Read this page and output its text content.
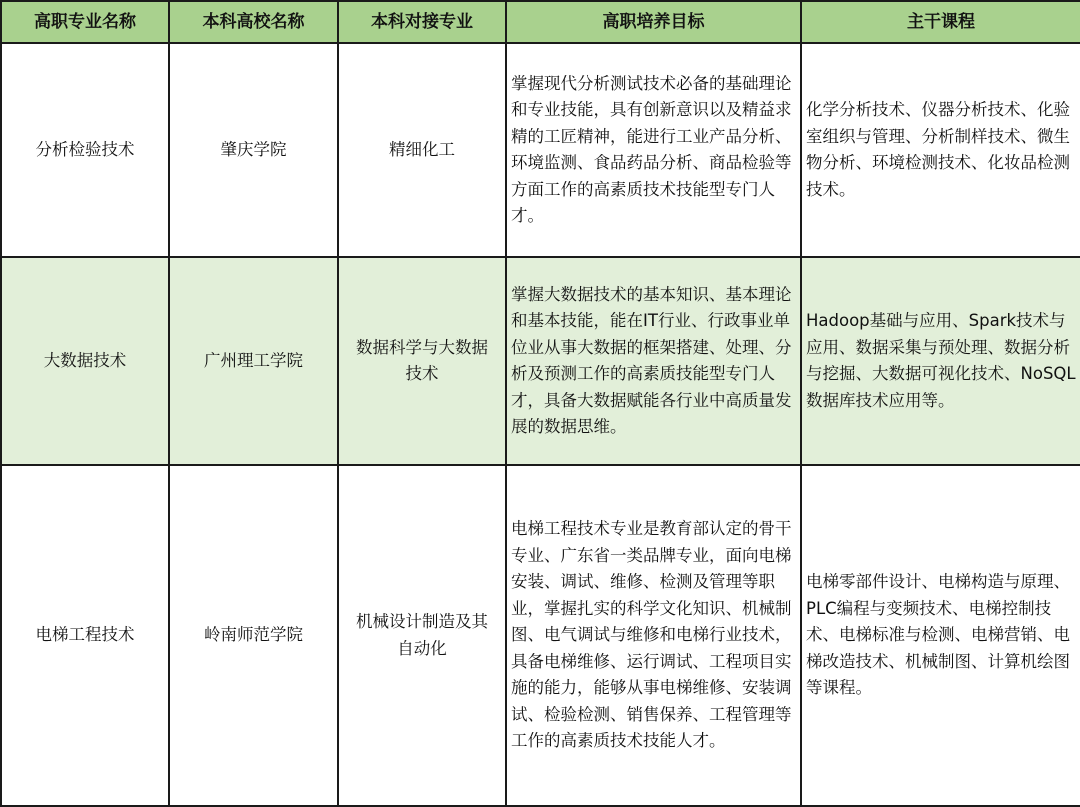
高职专业名称	本科高校名称	本科对接专业	高职培养目标	主干课程
分析检验技术	肇庆学院	精细化工	掌握现代分析测试技术必备的基础理论和专业技能，具有创新意识以及精益求精的工匠精神，能进行工业产品分析、环境监测、食品药品分析、商品检验等方面工作的高素质技术技能型专门人才。	化学分析技术、仪器分析技术、化验室组织与管理、分析制样技术、微生物分析、环境检测技术、化妆品检测技术。

大数据技术	广州理工学院	数据科学与大数据技术	掌握大数据技术的基本知识、基本理论和基本技能，能在IT行业、行政事业单位业从事大数据的框架搭建、处理、分析及预测工作的高素质技能型专门人才，具备大数据赋能各行业中高质量发展的数据思维。	Hadoop基础与应用、Spark技术与应用、数据采集与预处理、数据分析与挖掘、大数据可视化技术、NoSQL数据库技术应用等。

电梯工程技术	岭南师范学院	机械设计制造及其自动化	电梯工程技术专业是教育部认定的骨干专业、广东省一类品牌专业，面向电梯安装、调试、维修、检测及管理等职业，掌握扎实的科学文化知识、机械制图、电气调试与维修和电梯行业技术，具备电梯维修、运行调试、工程项目实施的能力，能够从事电梯维修、安装调试、检验检测、销售保养、工程管理等工作的高素质技术技能人才。	电梯零部件设计、电梯构造与原理、PLC编程与变频技术、电梯控制技术、电梯标准与检测、电梯营销、电梯改造技术、机械制图、计算机绘图等课程。
